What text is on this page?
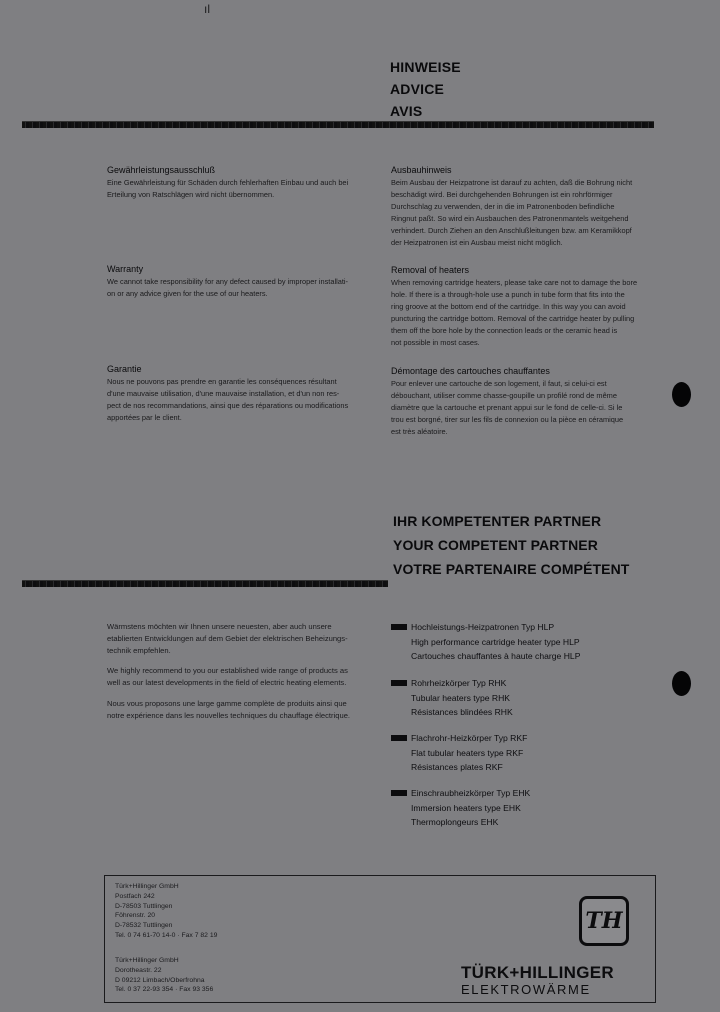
ıl
HINWEISE
ADVICE
AVIS
Gewährleistungsausschluß
Eine Gewährleistung für Schäden durch fehlerhaften Einbau und auch bei
Erteilung von Ratschlägen wird nicht übernommen.
Warranty
We cannot take responsibility for any defect caused by improper installati-
on or any advice given for the use of our heaters.
Garantie
Nous ne pouvons pas prendre en garantie les conséquences résultant
d'une mauvaise utilisation, d'une mauvaise installation, et d'un non res-
pect de nos recommandations, ainsi que des réparations ou modifications
apportées par le client.
Ausbauhinweis
Beim Ausbau der Heizpatrone ist darauf zu achten, daß die Bohrung nicht
beschädigt wird. Bei durchgehenden Bohrungen ist ein rohrförmiger
Durchschlag zu verwenden, der in die im Patronenboden befindliche
Ringnut paßt. So wird ein Ausbauchen des Patronenmantels weitgehend
verhindert. Durch Ziehen an den Anschlußleitungen bzw. am Keramikkopf
der Heizpatronen ist ein Ausbau meist nicht möglich.
Removal of heaters
When removing cartridge heaters, please take care not to damage the bore
hole. If there is a through-hole use a punch in tube form that fits into the
ring groove at the bottom end of the cartridge. In this way you can avoid
puncturing the cartridge bottom. Removal of the cartridge heater by pulling
them off the bore hole by the connection leads or the ceramic head is
not possible in most cases.
Démontage des cartouches chauffantes
Pour enlever une cartouche de son logement, il faut, si celui-ci est
débouchant, utiliser comme chasse-goupille un profilé rond de même
diamètre que la cartouche et prenant appui sur le fond de celle-ci. Si le
trou est borgné, tirer sur les fils de connexion ou la pièce en céramique
est très aléatoire.
IHR KOMPETENTER PARTNER
YOUR COMPETENT PARTNER
VOTRE PARTENAIRE COMPÉTENT

Wärmstens möchten wir Ihnen unsere neuesten, aber auch unsere
etablierten Entwicklungen auf dem Gebiet der elektrischen Beheizungs-
technik empfehlen.

We highly recommend to you our established wide range of products as
well as our latest developments in the field of electric heating elements.

Nous vous proposons une large gamme complète de produits ainsi que
notre expérience dans les nouvelles techniques du chauffage électrique.

Hochleistungs-Heizpatronen Typ HLP
High performance cartridge heater type HLP
Cartouches chauffantes à haute charge HLP
Rohrheizkörper Typ RHK
Tubular heaters type RHK
Résistances blindées RHK
Flachrohr-Heizkörper Typ RKF
Flat tubular heaters type RKF
Résistances plates RKF
Einschraubheizkörper Typ EHK
Immersion heaters type EHK
Thermoplongeurs EHK
Türk+Hillinger GmbH
Postfach 242
D-78503 Tuttlingen
Föhrenstr. 20
D-78532 Tuttlingen
Tel. 0 74 61-70 14-0 · Fax 7 82 19
Türk+Hillinger GmbH
Dorotheastr. 22
D 09212 Limbach/Oberfrohna
Tel. 0 37 22-93 354 · Fax 93 356
TH
TÜRK+HILLINGER
ELEKTROWÄRME
